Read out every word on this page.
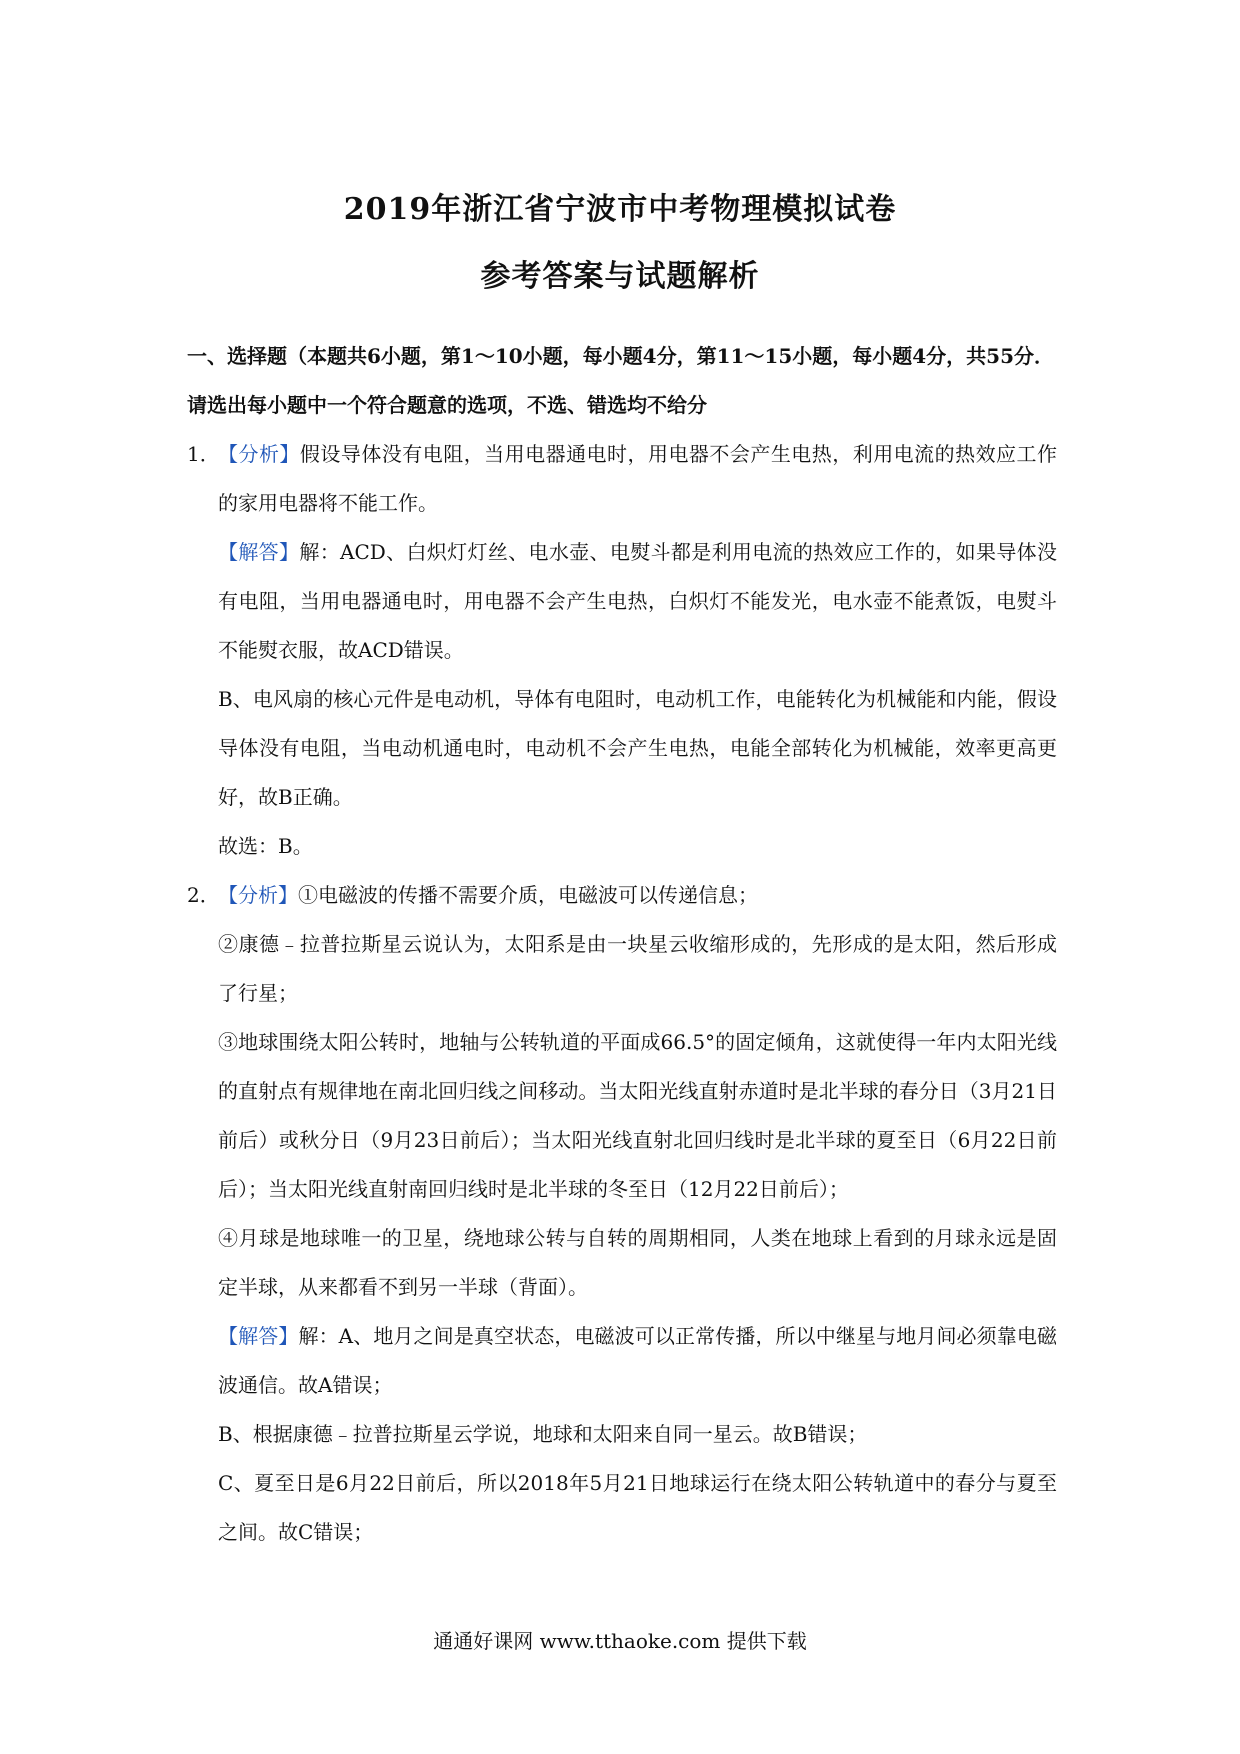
2019年浙江省宁波市中考物理模拟试卷
参考答案与试题解析
一、选择题（本题共6小题，第1～10小题，每小题4分，第11～15小题，每小题4分，共55分．请选出每小题中一个符合题意的选项，不选、错选均不给分
1．

【分析】假设导体没有电阻，当用电器通电时，用电器不会产生电热，利用电流的热效应工作的家用电器将不能工作。

【解答】解：ACD、白炽灯灯丝、电水壶、电熨斗都是利用电流的热效应工作的，如果导体没有电阻，当用电器通电时，用电器不会产生电热，白炽灯不能发光，电水壶不能煮饭，电熨斗不能熨衣服，故ACD错误。

B、电风扇的核心元件是电动机，导体有电阻时，电动机工作，电能转化为机械能和内能，假设导体没有电阻，当电动机通电时，电动机不会产生电热，电能全部转化为机械能，效率更高更好，故B正确。

故选：B。

2．

【分析】①电磁波的传播不需要介质，电磁波可以传递信息；

②康德﹣拉普拉斯星云说认为，太阳系是由一块星云收缩形成的，先形成的是太阳，然后形成了行星；

③地球围绕太阳公转时，地轴与公转轨道的平面成66.5°的固定倾角，这就使得一年内太阳光线的直射点有规律地在南北回归线之间移动。当太阳光线直射赤道时是北半球的春分日（3月21日前后）或秋分日（9月23日前后）；当太阳光线直射北回归线时是北半球的夏至日（6月22日前后）；当太阳光线直射南回归线时是北半球的冬至日（12月22日前后）；

④月球是地球唯一的卫星，绕地球公转与自转的周期相同，人类在地球上看到的月球永远是固定半球，从来都看不到另一半球（背面）。

【解答】解：A、地月之间是真空状态，电磁波可以正常传播，所以中继星与地月间必须靠电磁波通信。故A错误；

B、根据康德﹣拉普拉斯星云学说，地球和太阳来自同一星云。故B错误；

C、夏至日是6月22日前后，所以2018年5月21日地球运行在绕太阳公转轨道中的春分与夏至之间。故C错误；

通通好课网 www.tthaoke.com 提供下载
